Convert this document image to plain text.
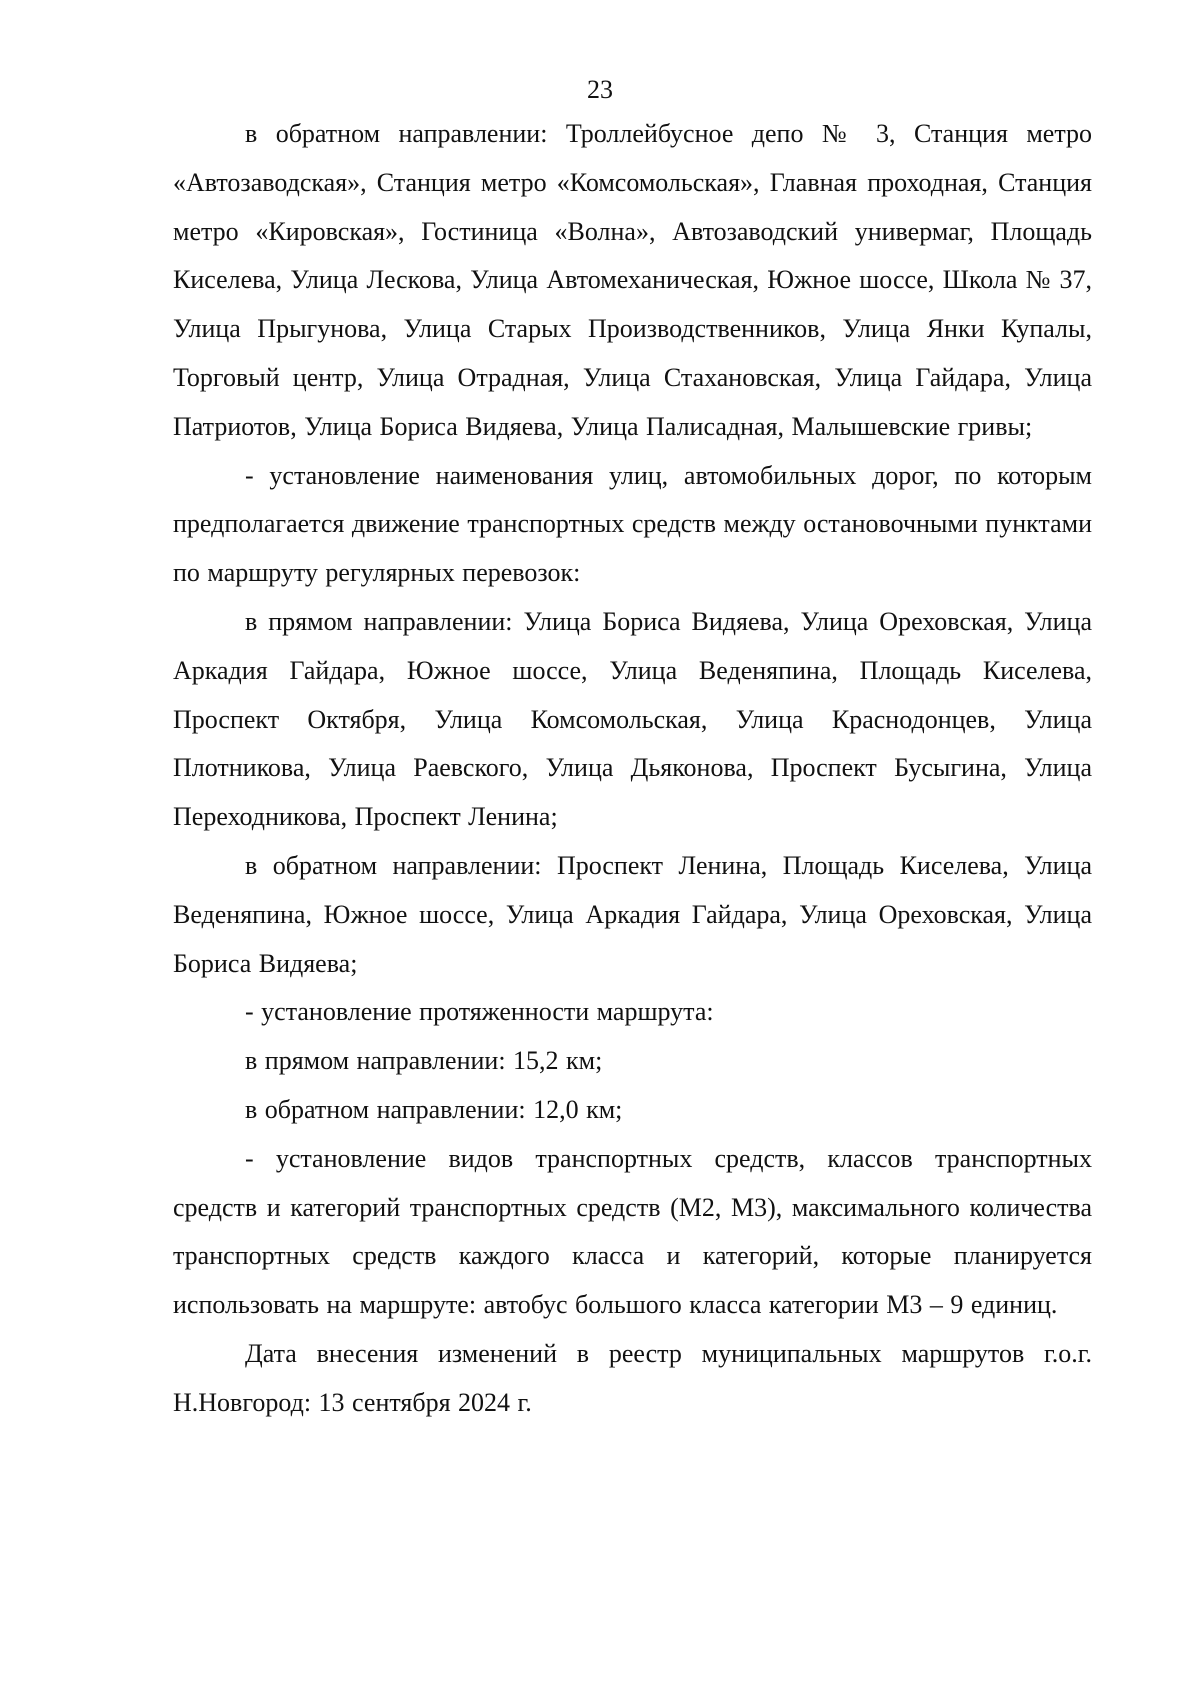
23

в обратном направлении: Троллейбусное депо № 3, Станция метро «Автозаводская», Станция метро «Комсомольская», Главная проходная, Станция метро «Кировская», Гостиница «Волна», Автозаводский универмаг, Площадь Киселева, Улица Лескова, Улица Автомеханическая, Южное шоссе, Школа № 37, Улица Прыгунова, Улица Старых Производственников, Улица Янки Купалы, Торговый центр, Улица Отрадная, Улица Стахановская, Улица Гайдара, Улица Патриотов, Улица Бориса Видяева, Улица Палисадная, Малышевские гривы;

- установление наименования улиц, автомобильных дорог, по которым предполагается движение транспортных средств между остановочными пунктами по маршруту регулярных перевозок:

в прямом направлении: Улица Бориса Видяева, Улица Ореховская, Улица Аркадия Гайдара, Южное шоссе, Улица Веденяпина, Площадь Киселева, Проспект Октября, Улица Комсомольская, Улица Краснодонцев, Улица Плотникова, Улица Раевского, Улица Дьяконова, Проспект Бусыгина, Улица Переходникова, Проспект Ленина;

в обратном направлении: Проспект Ленина, Площадь Киселева, Улица Веденяпина, Южное шоссе, Улица Аркадия Гайдара, Улица Ореховская, Улица Бориса Видяева;

- установление протяженности маршрута:

в прямом направлении: 15,2 км;

в обратном направлении: 12,0 км;

- установление видов транспортных средств, классов транспортных средств и категорий транспортных средств (М2, М3), максимального количества транспортных средств каждого класса и категорий, которые планируется использовать на маршруте: автобус большого класса категории М3 – 9 единиц.

Дата внесения изменений в реестр муниципальных маршрутов г.о.г. Н.Новгород: 13 сентября 2024 г.
